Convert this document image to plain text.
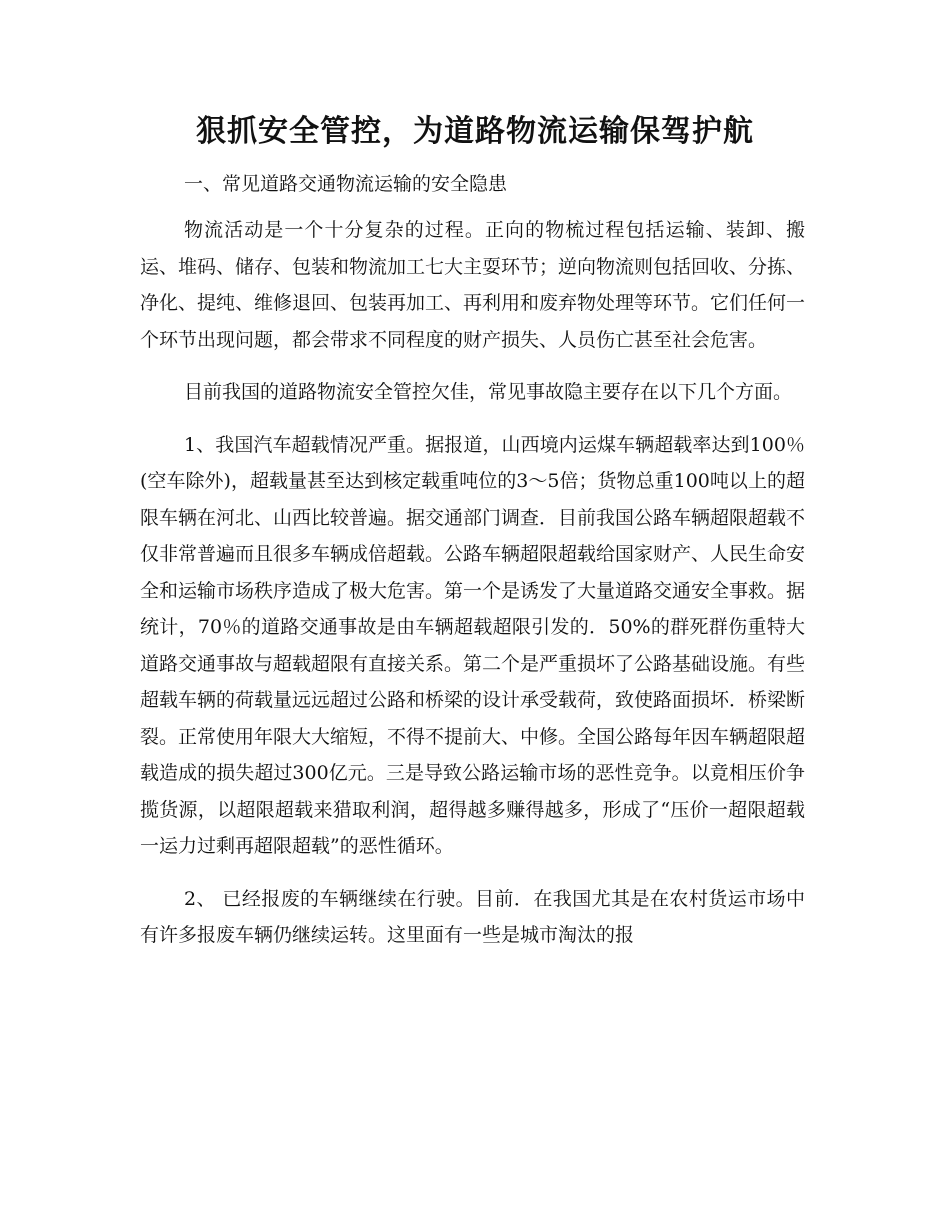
狠抓安全管控，为道路物流运输保驾护航

一、常见道路交通物流运输的安全隐患

物流活动是一个十分复杂的过程。正向的物梳过程包括运输、装卸、搬运、堆码、储存、包装和物流加工七大主耍环节；逆向物流则包括回收、分拣、净化、提纯、维修退回、包装再加工、再利用和废弃物处理等环节。它们任何一个环节出现问题，都会带求不同程度的财产损失、人员伤亡甚至社会危害。

目前我国的道路物流安全管控欠佳，常见事故隐主要存在以下几个方面。

1、我国汽车超载情况严重。据报道，山西境内运煤车辆超载率达到100％(空车除外)，超载量甚至达到核定载重吨位的3～5倍；货物总重100吨以上的超限车辆在河北、山西比较普遍。据交通部门调查．目前我国公路车辆超限超载不仅非常普遍而且很多车辆成倍超载。公路车辆超限超载给国家财产、人民生命安全和运输市场秩序造成了极大危害。第一个是诱发了大量道路交通安全事救。据统计，70％的道路交通事故是由车辆超载超限引发的．50%的群死群伤重特大道路交通事故与超载超限有直接关系。第二个是严重损坏了公路基础设施。有些超载车辆的荷载量远远超过公路和桥梁的设计承受载荷，致使路面损坏．桥梁断裂。正常使用年限大大缩短，不得不提前大、中修。全国公路每年因车辆超限超载造成的损失超过300亿元。三是导致公路运输市场的恶性竞争。以竟相压价争揽货源，以超限超载来猎取利润，超得越多赚得越多，形成了“压价一超限超载一运力过剩再超限超载”的恶性循环。

2、 已经报废的车辆继续在行驶。目前．在我国尤其是在农村货运市场中有许多报废车辆仍继续运转。这里面有一些是城市淘汰的报
